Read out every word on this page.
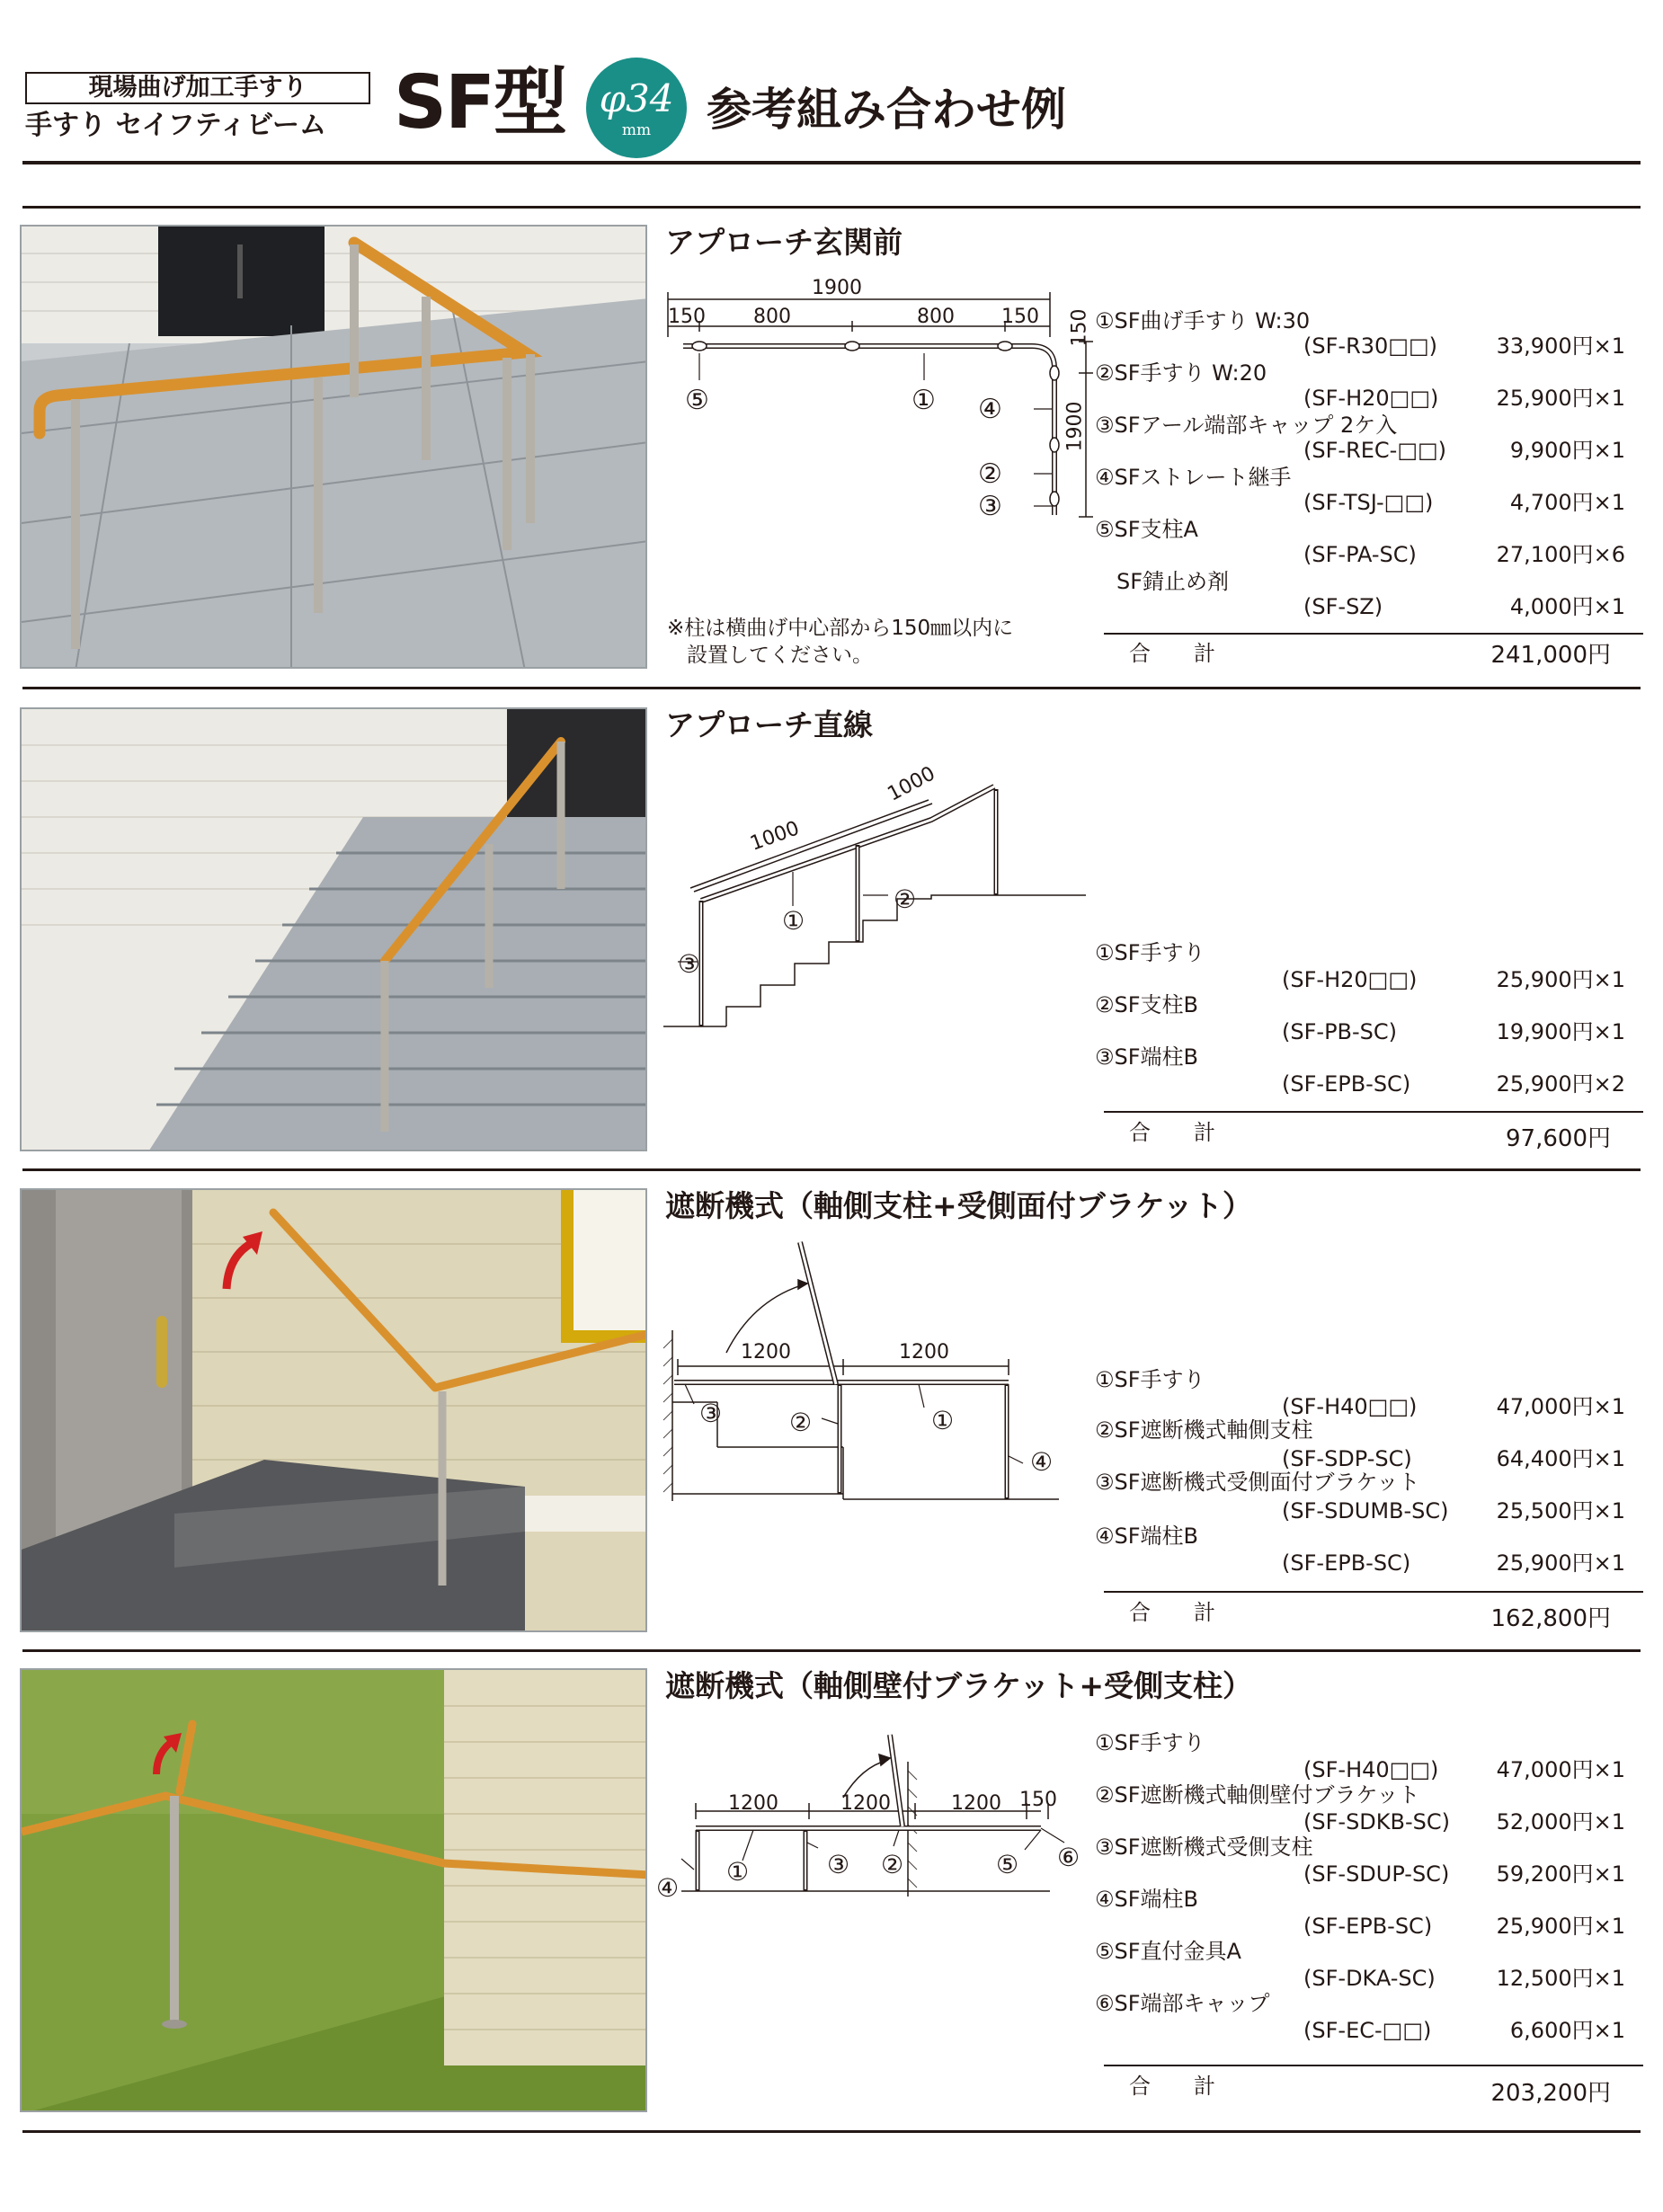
現場曲げ加工手すり
手すり セイフティビーム SF型 φ34
mm	参考組み合わせ例
アプローチ玄関前
1900
150 800	800 150 150
1900
⑤	① ④
②
③
※柱は横曲げ中心部から150㎜以内に
設置してください。
①SF曲げ手すり W:30
(SF-R30□□)	33,900円×1
②SF手すり W:20
(SF-H20□□)	25,900円×1
③SFアール端部キャップ 2ケ入
(SF-REC-□□)	9,900円×1
④SFストレート継手
(SF-TSJ-□□)	4,700円×1
⑤SF支柱A
(SF-PA-SC)	27,100円×6
SF錆止め剤
(SF-SZ)	4,000円×1
合　　計	241,000円
アプローチ直線
1000
1000
①
②
③	①SF手すり
(SF-H20□□)	25,900円×1
②SF支柱B
(SF-PB-SC)	19,900円×1
③SF端柱B
(SF-EPB-SC)	25,900円×2
合　　計	97,600円
遮断機式（軸側支柱+受側面付ブラケット）
1200	1200
①
②
③
④
①SF手すり
(SF-H40□□)	47,000円×1
②SF遮断機式軸側支柱
(SF-SDP-SC)	64,400円×1
③SF遮断機式受側面付ブラケット
(SF-SDUMB-SC) 25,500円×1
④SF端柱B
(SF-EPB-SC)	25,900円×1
合　　計	162,800円
遮断機式（軸側壁付ブラケット+受側支柱）
1200	1200	1200 150
①	②
③
④
⑤ ⑥
①SF手すり
(SF-H40□□)	47,000円×1
②SF遮断機式軸側壁付ブラケット
(SF-SDKB-SC) 52,000円×1
③SF遮断機式受側支柱
(SF-SDUP-SC) 59,200円×1
④SF端柱B
(SF-EPB-SC)	25,900円×1
⑤SF直付金具A
(SF-DKA-SC)	12,500円×1
⑥SF端部キャップ
(SF-EC-□□)	6,600円×1
合　　計	203,200円
